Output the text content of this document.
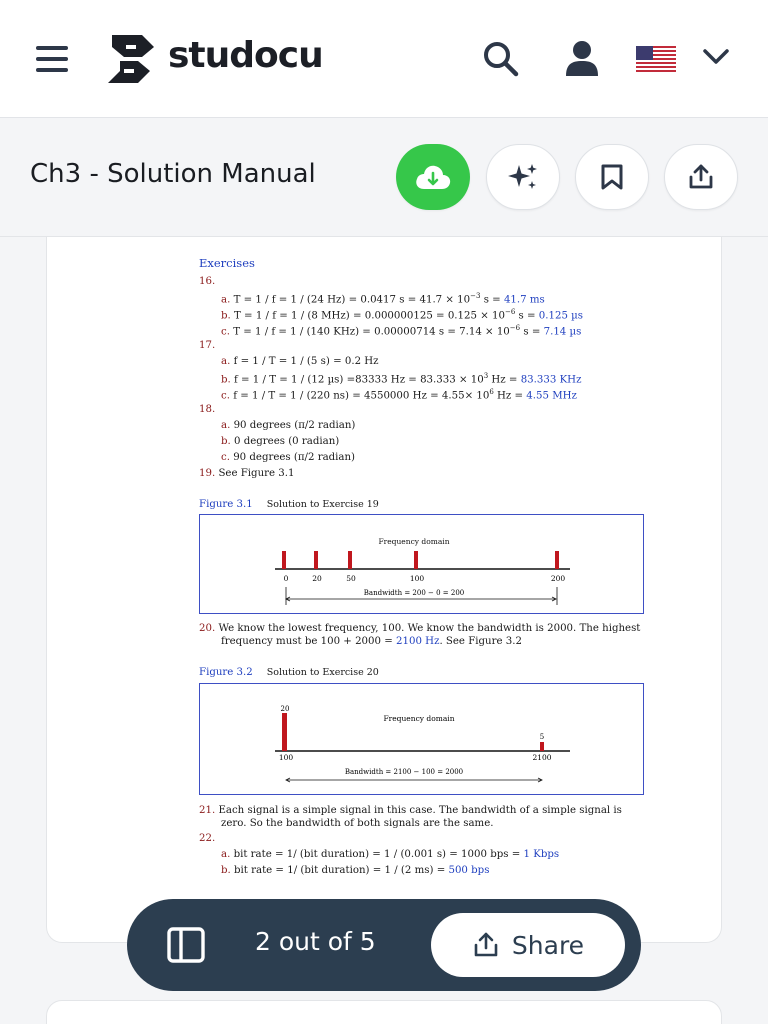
studocu
Ch3 - Solution Manual
Exercises
16.
a. T = 1 / f = 1 / (24 Hz) = 0.0417 $s = 41.7 \times 10^{-3}$ s = 41.7 ms
b. T = 1 / f = 1 / (8 $MHz) = 0.000000125 = 0.125 \times 10^{-6}$ s = 0.125 µs
c. T = 1 / f = 1 / (140 KHz) = 0.00000714 $s = 7.14 \times 10^{-6}$ s = 7.14 µs
17.
a. f = 1 / T = 1 / (5 s) = 0.2 Hz
b. f = 1 / T = 1 / (12 µs) =83333 $Hz = 83.333 \times 10^3$ Hz = 83.333 KHz
c. f = 1 / T = 1 / (220 ns) = 4550000 $Hz = 4.55\times 10^6$ Hz = 4.55 MHz
18.
a. 90 degrees (π/2 radian)
b. 0 degrees (0 radian)
c. 90 degrees (π/2 radian)
19. See Figure 3.1
Figure 3.1 Solution to Exercise 19
Frequency domain
0	20	50	100	200
Bandwidth = 200 − 0 = 200
20. We know the lowest frequency, 100. We know the bandwidth is 2000. The highest
frequency must be 100 + 2000 = 2100 Hz. See Figure 3.2
Figure 3.2 Solution to Exercise 20
20
Frequency domain
5
100	2100
Bandwidth = 2100 − 100 = 2000
21. Each signal is a simple signal in this case. The bandwidth of a simple signal is
zero. So the bandwidth of both signals are the same.
22.
a. bit rate = 1/ (bit duration) = 1 / (0.001 s) = 1000 bps = 1 Kbps
b. bit rate = 1/ (bit duration) = 1 / (2 ms) = 500 bps
2 out of 5	Share
